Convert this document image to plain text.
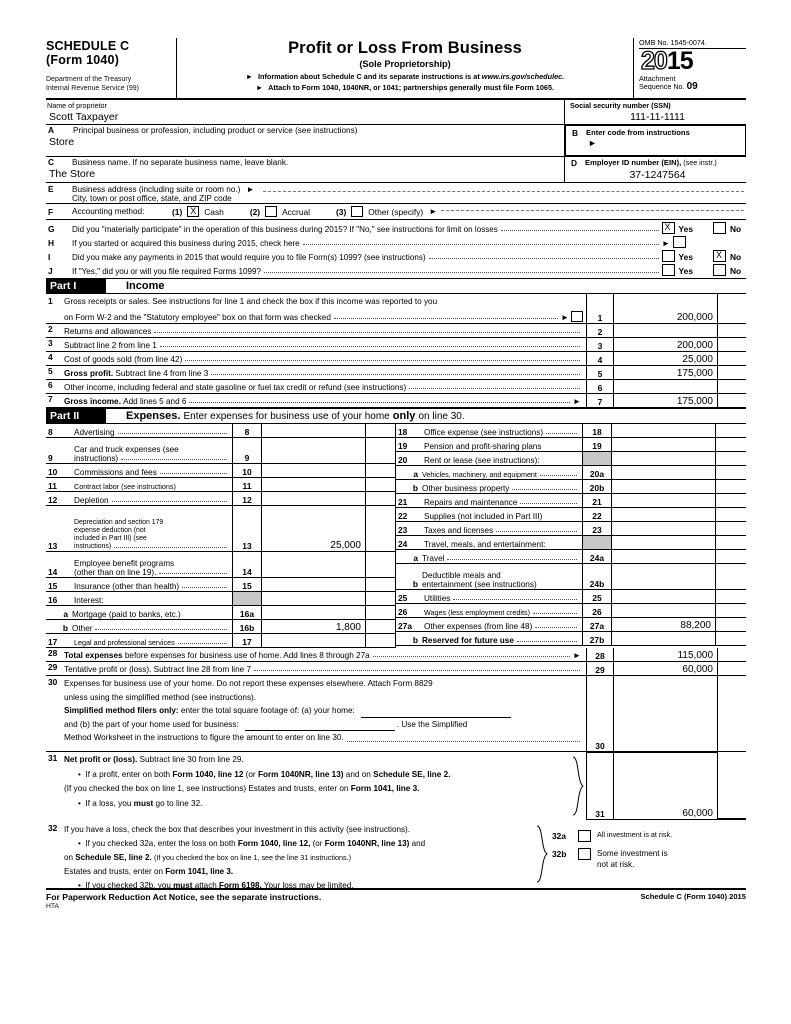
SCHEDULE C
(Form 1040)
Department of the Treasury
Internal Revenue Service (99)
Profit or Loss From Business
(Sole Proprietorship)
► Information about Schedule C and its separate instructions is at www.irs.gov/schedulec.
► Attach to Form 1040, 1040NR, or 1041; partnerships generally must file Form 1065.
OMB No. 1545-0074
2015
Attachment
Sequence No. 09
Name of proprietor
Scott Taxpayer
Social security number (SSN)
111-11-1111
A	Principal business or profession, including product or service (see instructions)
Store
B	Enter code from instructions
►
C	Business name. If no separate business name, leave blank.
The Store
D	Employer ID number (EIN), (see instr.)
37-1247564
E	Business address (including suite or room no.) ►
City, town or post office, state, and ZIP code
F	Accounting method:	(1) X	Cash	(2)	Accrual	(3)	Other (specify) ►
G	Did you "materially participate" in the operation of this business during 2015? If "No," see instructions for limit on losses X	Yes	No
H	If you started or acquired this business during 2015, check here	►
I	Did you make any payments in 2015 that would require you to file Form(s) 1099? (see instructions)	Yes X	No
J	If "Yes," did you or will you file required Forms 1099?	Yes	No
Part I	Income
1	Gross receipts or sales. See instructions for line 1 and check the box if this income was reported to you
on Form W-2 and the "Statutory employee" box on that form was checked	►	1	200,000
2	Returns and allowances	2
3	Subtract line 2 from line 1	3	200,000
4	Cost of goods sold (from line 42)	4	25,000
5	Gross profit.
Subtract line 4 from line 3	5	175,000
6	Other income, including federal and state gasoline or fuel tax credit or refund (see instructions)	6
7	Gross income.
Add lines 5 and 6	►	7	175,000
Part II	Expenses. Enter expenses for business use of your home only on line 30.
8	Advertising	8
9
Car and truck expenses (see
instructions)	9
10	Commissions and fees	10
11	Contract labor (see instructions)	11
12	Depletion	12
13
Depreciation and section 179
expense deduction (not
included in Part III) (see
instructions)	13	25,000
14
Employee benefit programs
(other than on line 19).	14
15	Insurance (other than health)	15
16	Interest:
a Mortgage (paid to banks, etc.)	16a
b Other	16b	1,800
17	Legal and professional services	17
18	Office expense (see instructions)	18
19	Pension and profit-sharing plans	19
20	Rent or lease (see instructions):
a Vehicles, machinery, and equipment	20a
b Other business property	20b
21	Repairs and maintenance	21
22	Supplies (not included in Part III)	22
23	Taxes and licenses	23
24	Travel, meals, and entertainment:
a Travel	24a
b
Deductible meals and
entertainment (see instructions)	24b
25	Utilities	25
26	Wages (less employment credits)	26
27a	Other expenses (from line 48)	27a	88,200
b Reserved for future use	27b
28 Total expenses
before expenses for business use of home. Add lines 8 through 27a	►	28	115,000
29 Tentative profit or (loss). Subtract line 28 from line 7	29	60,000
30 Expenses for business use of your home. Do not report these expenses elsewhere. Attach Form 8829
unless using the simplified method (see instructions).
Simplified method filers only:
enter the total square footage of: (a) your home:
and (b) the part of your home used for business:	. Use the Simplified
Method Worksheet in the instructions to figure the amount to enter on line 30.
30
31 Net profit or (loss). Subtract line 30 from line 29.
•  If a profit, enter on both Form 1040, line 12 (or Form 1040NR, line 13) and on Schedule SE, line 2.
(If you checked the box on line 1, see instructions) Estates and trusts, enter on Form 1041, line 3.
•  If a loss, you must go to line 32.
31	60,000
32 If you have a loss, check the box that describes your investment in this activity (see instructions).
•  If you checked 32a, enter the loss on both Form 1040, line 12, (or Form 1040NR, line 13) and
on Schedule SE, line 2. (If you checked the box on line 1, see the line 31 instructions.)
Estates and trusts, enter on Form 1041, line 3.
•  If you checked 32b, you must attach Form 6198. Your loss may be limited.
32a	All investment is at risk.
32b	Some investment is
not at risk.
For Paperwork Reduction Act Notice, see the separate instructions.	Schedule C (Form 1040) 2015
HTA
